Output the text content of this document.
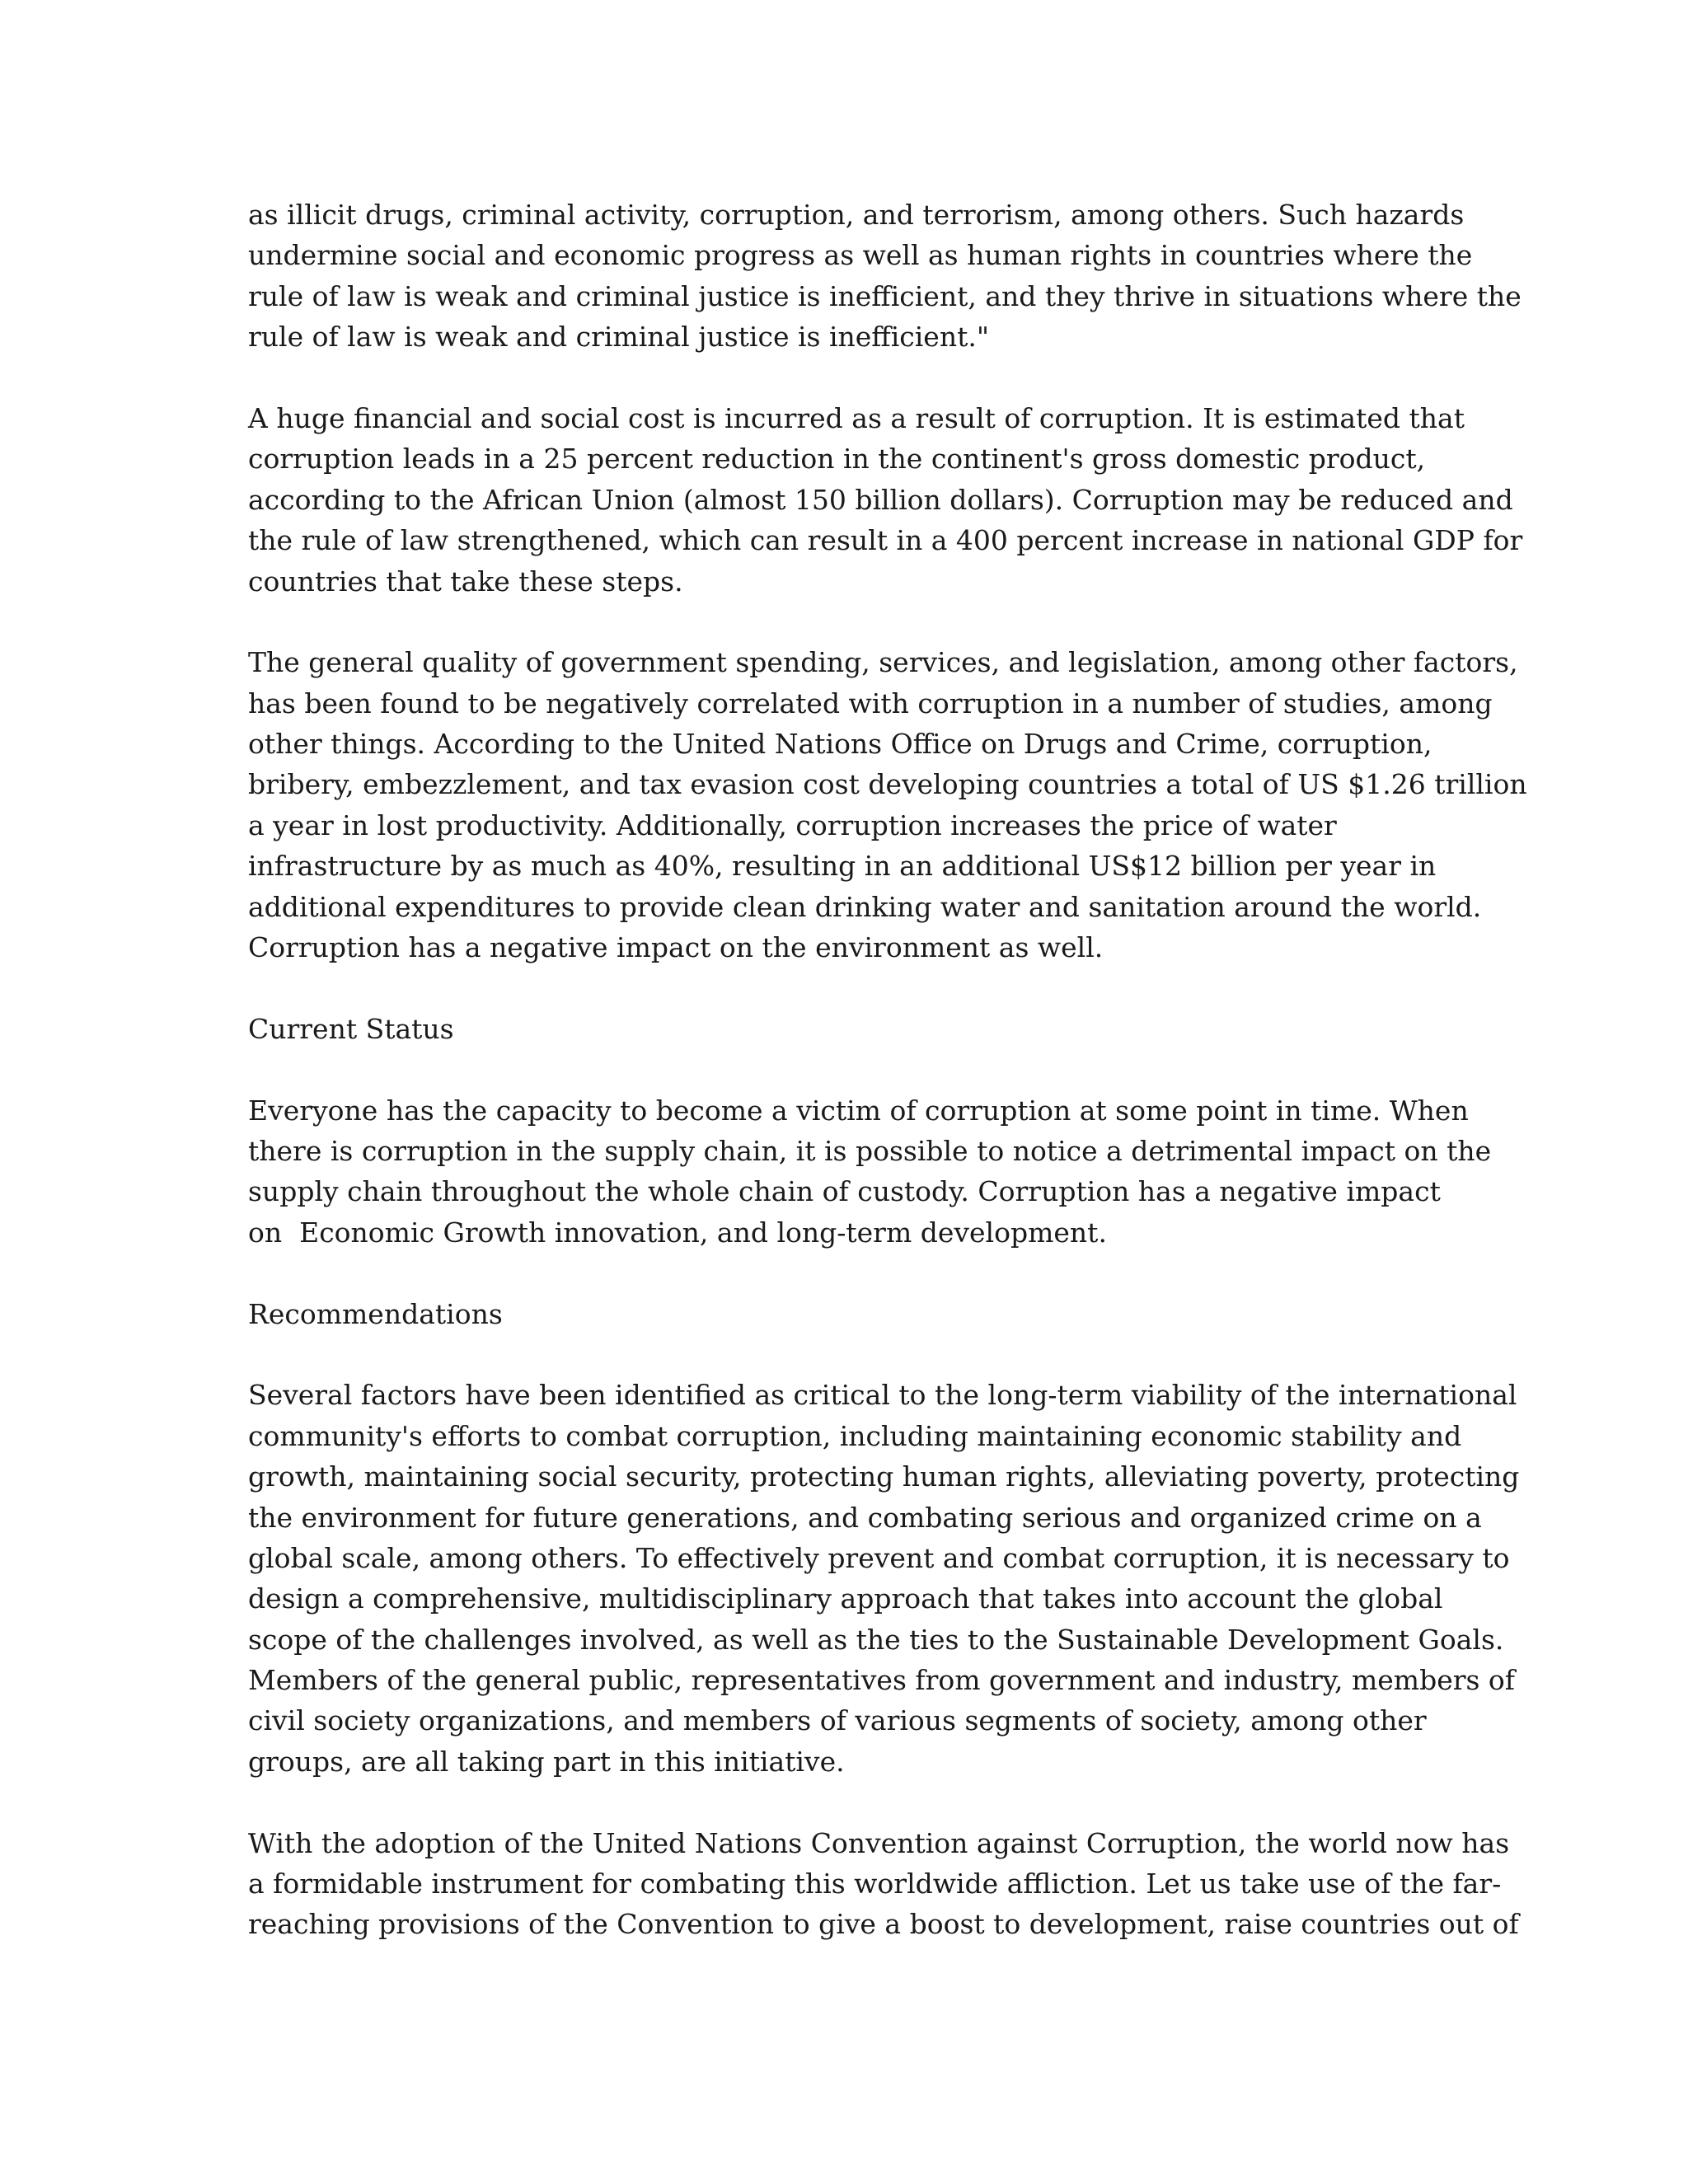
as illicit drugs, criminal activity, corruption, and terrorism, among others. Such hazards
undermine social and economic progress as well as human rights in countries where the
rule of law is weak and criminal justice is inefficient, and they thrive in situations where the
rule of law is weak and criminal justice is inefficient."

A huge financial and social cost is incurred as a result of corruption. It is estimated that
corruption leads in a 25 percent reduction in the continent's gross domestic product,
according to the African Union (almost 150 billion dollars). Corruption may be reduced and
the rule of law strengthened, which can result in a 400 percent increase in national GDP for
countries that take these steps.

The general quality of government spending, services, and legislation, among other factors,
has been found to be negatively correlated with corruption in a number of studies, among
other things. According to the United Nations Office on Drugs and Crime, corruption,
bribery, embezzlement, and tax evasion cost developing countries a total of US $1.26 trillion
a year in lost productivity. Additionally, corruption increases the price of water
infrastructure by as much as 40%, resulting in an additional US$12 billion per year in
additional expenditures to provide clean drinking water and sanitation around the world.
Corruption has a negative impact on the environment as well.

Current Status

Everyone has the capacity to become a victim of corruption at some point in time. When
there is corruption in the supply chain, it is possible to notice a detrimental impact on the
supply chain throughout the whole chain of custody. Corruption has a negative impact
on  Economic Growth innovation, and long-term development.

Recommendations

Several factors have been identified as critical to the long-term viability of the international
community's efforts to combat corruption, including maintaining economic stability and
growth, maintaining social security, protecting human rights, alleviating poverty, protecting
the environment for future generations, and combating serious and organized crime on a
global scale, among others. To effectively prevent and combat corruption, it is necessary to
design a comprehensive, multidisciplinary approach that takes into account the global
scope of the challenges involved, as well as the ties to the Sustainable Development Goals.
Members of the general public, representatives from government and industry, members of
civil society organizations, and members of various segments of society, among other
groups, are all taking part in this initiative.

With the adoption of the United Nations Convention against Corruption, the world now has
a formidable instrument for combating this worldwide affliction. Let us take use of the far-
reaching provisions of the Convention to give a boost to development, raise countries out of
